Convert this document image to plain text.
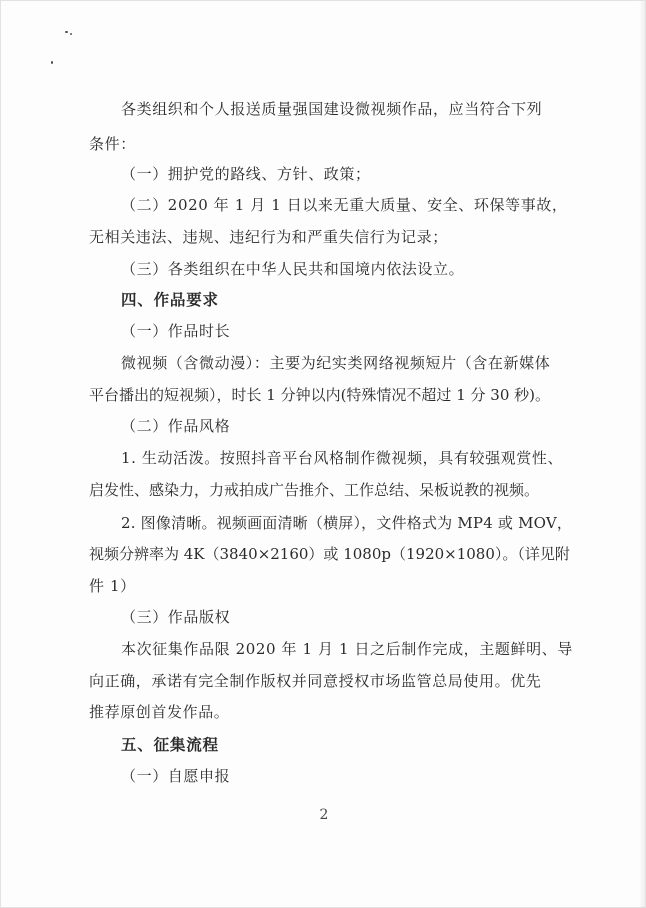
各类组织和个人报送质量强国建设微视频作品，应当符合下列
条件：
（一）拥护党的路线、方针、政策；
（二）2020 年 1 月 1 日以来无重大质量、安全、环保等事故，
无相关违法、违规、违纪行为和严重失信行为记录；
（三）各类组织在中华人民共和国境内依法设立。
四、作品要求
（一）作品时长
微视频（含微动漫）：主要为纪实类网络视频短片（含在新媒体
平台播出的短视频），时长 1 分钟以内(特殊情况不超过 1 分 30 秒)。
（二）作品风格
1. 生动活泼。按照抖音平台风格制作微视频，具有较强观赏性、
启发性、感染力，力戒拍成广告推介、工作总结、呆板说教的视频。
2. 图像清晰。视频画面清晰（横屏），文件格式为 MP4 或 MOV，
视频分辨率为 4K（3840×2160）或 1080p（1920×1080）。（详见附
件 1）
（三）作品版权
本次征集作品限 2020 年 1 月 1 日之后制作完成，主题鲜明、导
向正确，承诺有完全制作版权并同意授权市场监管总局使用。优先
推荐原创首发作品。
五、征集流程
（一）自愿申报
2
